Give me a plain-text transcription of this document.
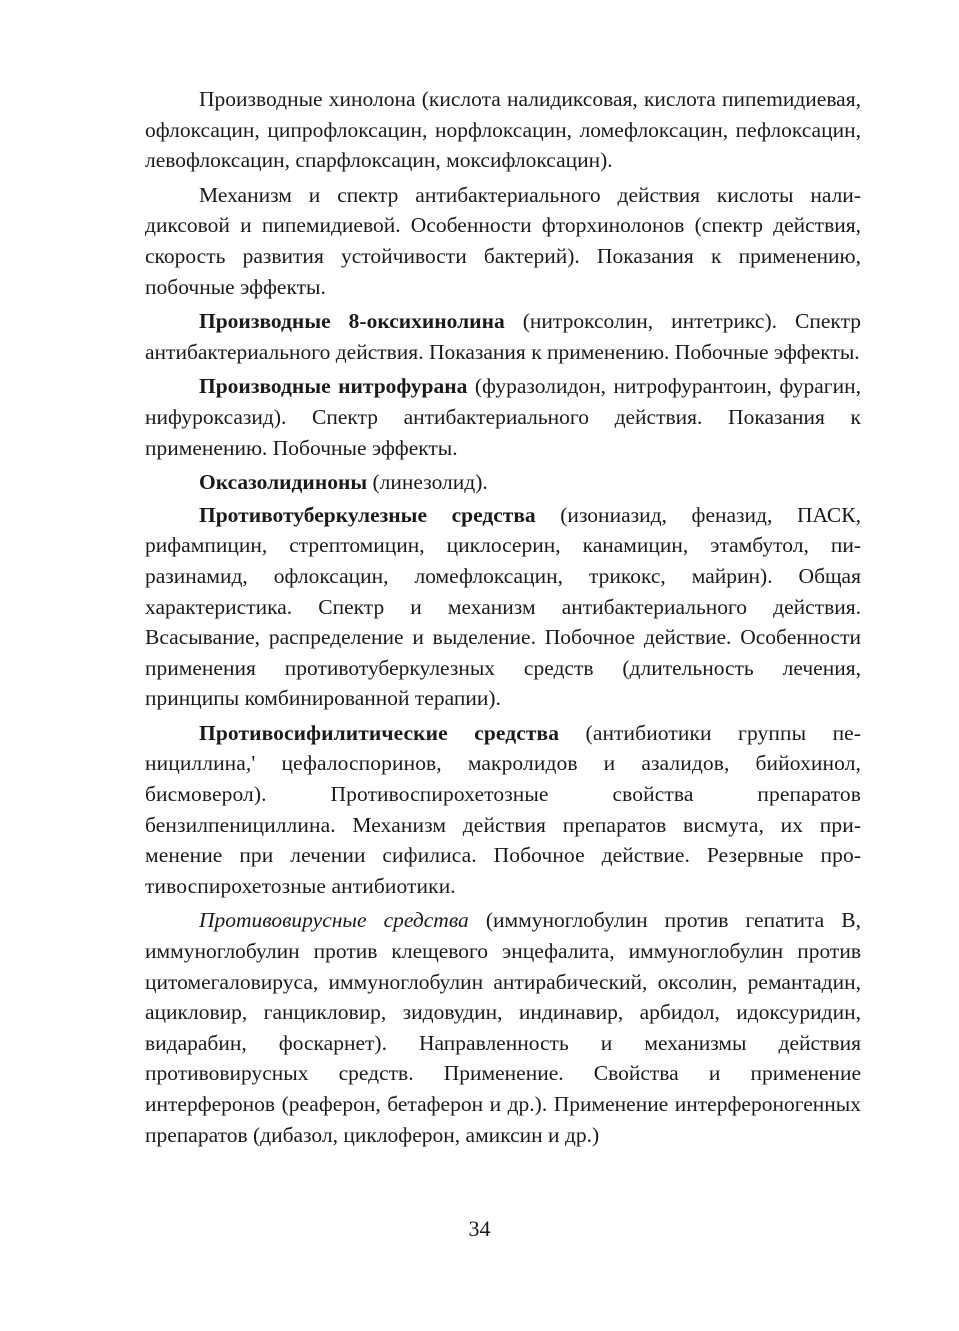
Производные хинолона (кислота налидиксовая, кислота пипеmидиевая, офлоксацин, ципрофлоксацин, норфлоксацин, ломефлоксацин, пефлоксацин, левофлоксацин, спарфлоксацин, моксифлоксацин).

Механизм и спектр антибактериального действия кислоты налидиксовой и пипемидиевой. Особенности фторхинолонов (спектр действия, скорость развития устойчивости бактерий). Показания к применению, побочные эффекты.

Производные 8-оксихинолина (нитроксолин, интетрикс). Спектр антибактериального действия. Показания к применению. Побочные эффекты.

Производные нитрофурана (фуразолидон, нитрофурантоин, фурагин, нифуроксазид). Спектр антибактериального действия. Показания к применению. Побочные эффекты.

Оксазолидиноны (линезолид).

Противотуберкулезные средства (изониазид, феназид, ПАСК, рифампицин, стрептомицин, циклосерин, канамицин, этамбутол, пиразинамид, офлоксацин, ломефлоксацин, трикокс, майрин). Общая характеристика. Спектр и механизм антибактериального действия. Всасывание, распределение и выделение. Побочное действие. Особенности применения противотуберкулезных средств (длительность лечения, принципы комбинированной терапии).

Противосифилитические средства (антибиотики группы пенициллина,' цефалоспоринов, макролидов и азалидов, бийохинол, бисмоверол). Противоспирохетозные свойства препаратов бензилпенициллина. Механизм действия препаратов висмута, их применение при лечении сифилиса. Побочное действие. Резервные противоспирохетозные антибиотики.

Противовирусные средства (иммуноглобулин против гепатита В, иммуноглобулин против клещевого энцефалита, иммуноглобулин против цитомегаловируса, иммуноглобулин антирабический, оксолин, ремантадин, ацикловир, ганцикловир, зидовудин, индинавир, арбидол, идоксуридин, видарабин, фоскарнет). Направленность и механизмы действия противовирусных средств. Применение. Свойства и применение интерферонов (реаферон, бетаферон и др.). Применение интерфероногенных препаратов (дибазол, циклоферон, амиксин и др.)

34
